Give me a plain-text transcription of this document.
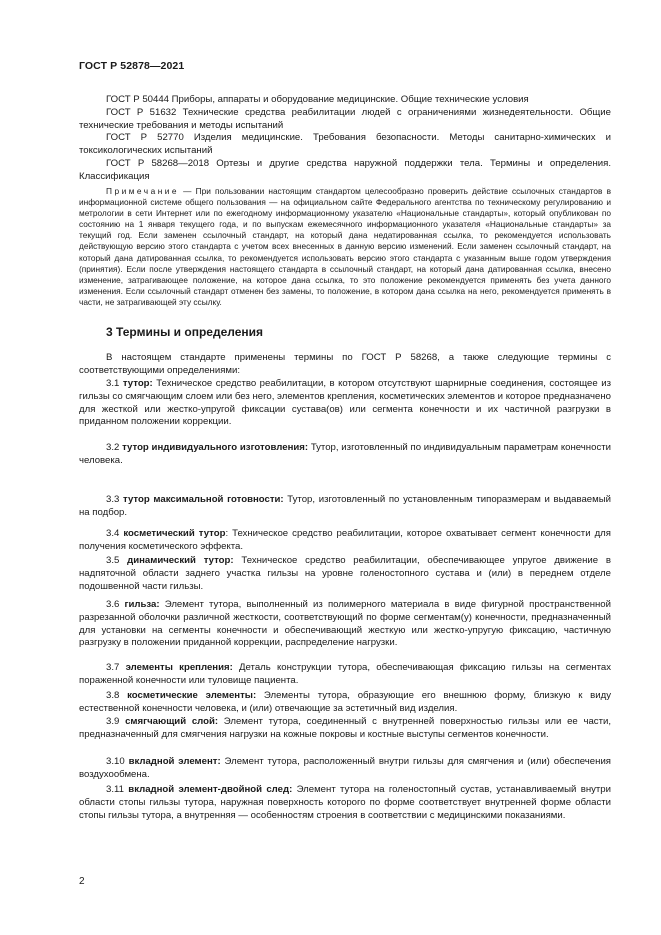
ГОСТ Р 52878—2021

ГОСТ Р 50444 Приборы, аппараты и оборудование медицинские. Общие технические условия

ГОСТ Р 51632 Технические средства реабилитации людей с ограничениями жизнедеятельности. Общие технические требования и методы испытаний

ГОСТ Р 52770 Изделия медицинские. Требования безопасности. Методы санитарно-химических и токсикологических испытаний

ГОСТ Р 58268—2018 Ортезы и другие средства наружной поддержки тела. Термины и определения. Классификация

Примечание — При пользовании настоящим стандартом целесообразно проверить действие ссылочных стандартов в информационной системе общего пользования — на официальном сайте Федерального агентства по техническому регулированию и метрологии в сети Интернет или по ежегодному информационному указателю «Национальные стандарты», который опубликован по состоянию на 1 января текущего года, и по выпускам ежемесячного информационного указателя «Национальные стандарты» за текущий год. Если заменен ссылочный стандарт, на который дана недатированная ссылка, то рекомендуется использовать действующую версию этого стандарта с учетом всех внесенных в данную версию изменений. Если заменен ссылочный стандарт, на который дана датированная ссылка, то рекомендуется использовать версию этого стандарта с указанным выше годом утверждения (принятия). Если после утверждения настоящего стандарта в ссылочный стандарт, на который дана датированная ссылка, внесено изменение, затрагивающее положение, на которое дана ссылка, то это положение рекомендуется применять без учета данного изменения. Если ссылочный стандарт отменен без замены, то положение, в котором дана ссылка на него, рекомендуется применять в части, не затрагивающей эту ссылку.

3 Термины и определения

В настоящем стандарте применены термины по ГОСТ Р 58268, а также следующие термины с соответствующими определениями:

3.1 тутор: Техническое средство реабилитации, в котором отсутствуют шарнирные соединения, состоящее из гильзы со смягчающим слоем или без него, элементов крепления, косметических элементов и которое предназначено для жесткой или жестко-упругой фиксации сустава(ов) или сегмента конечности и их частичной разгрузки в приданном положении коррекции.

3.2 тутор индивидуального изготовления: Тутор, изготовленный по индивидуальным параметрам конечности человека.

3.3 тутор максимальной готовности: Тутор, изготовленный по установленным типоразмерам и выдаваемый на подбор.

3.4 косметический тутор: Техническое средство реабилитации, которое охватывает сегмент конечности для получения косметического эффекта.

3.5 динамический тутор: Техническое средство реабилитации, обеспечивающее упругое движение в надпяточной области заднего участка гильзы на уровне голеностопного сустава и (или) в переднем отделе подошвенной части гильзы.

3.6 гильза: Элемент тутора, выполненный из полимерного материала в виде фигурной пространственной разрезанной оболочки различной жесткости, соответствующий по форме сегментам(у) конечности, предназначенный для установки на сегменты конечности и обеспечивающий жесткую или жестко-упругую фиксацию, частичную разгрузку в положении приданной коррекции, распределение нагрузки.

3.7 элементы крепления: Деталь конструкции тутора, обеспечивающая фиксацию гильзы на сегментах пораженной конечности или туловище пациента.

3.8 косметические элементы: Элементы тутора, образующие его внешнюю форму, близкую к виду естественной конечности человека, и (или) отвечающие за эстетичный вид изделия.

3.9 смягчающий слой: Элемент тутора, соединенный с внутренней поверхностью гильзы или ее части, предназначенный для смягчения нагрузки на кожные покровы и костные выступы сегментов конечности.

3.10 вкладной элемент: Элемент тутора, расположенный внутри гильзы для смягчения и (или) обеспечения воздухообмена.

3.11 вкладной элемент-двойной след: Элемент тутора на голеностопный сустав, устанавливаемый внутри области стопы гильзы тутора, наружная поверхность которого по форме соответствует внутренней форме области стопы гильзы тутора, а внутренняя — особенностям строения в соответствии с медицинскими показаниями.

2
